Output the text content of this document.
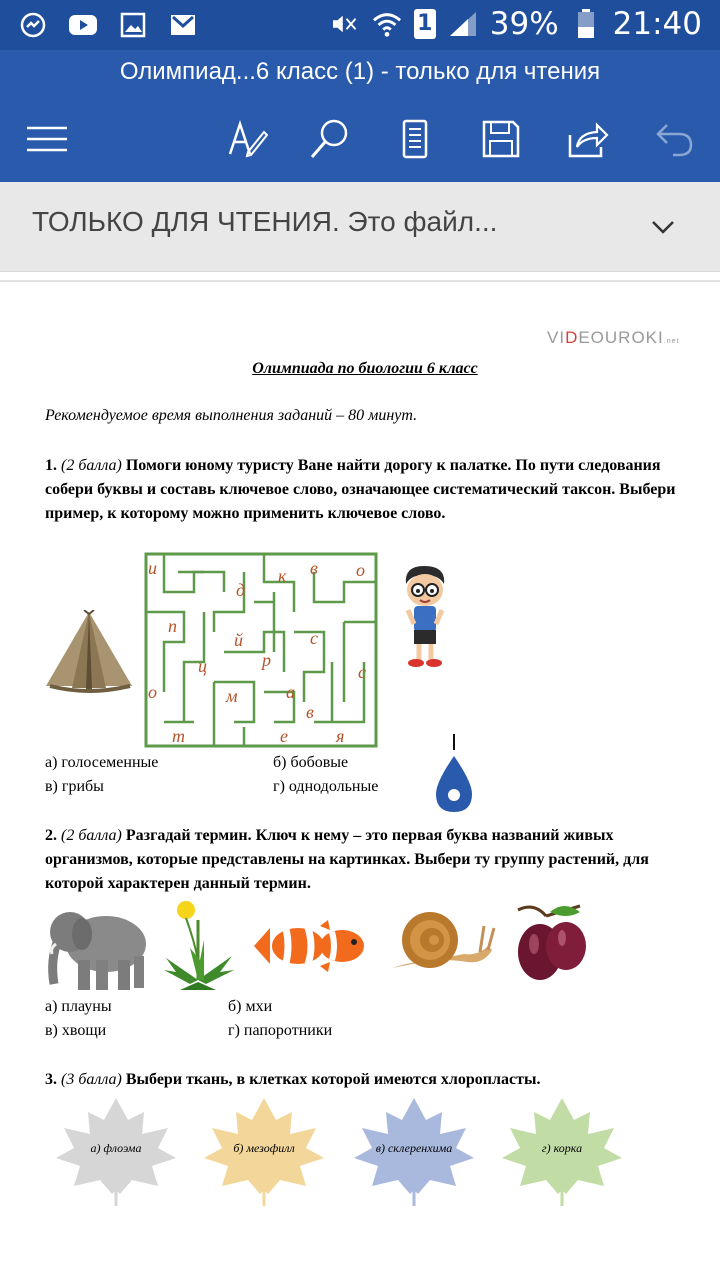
1 39% 21:40
Олимпиад...6 класс (1) - только для чтения
ТОЛЬКО ДЛЯ ЧТЕНИЯ. Это файл...
VIDEOUROKI.net
Олимпиада по биологии 6 класс
Рекомендуемое время выполнения заданий – 80 минут.
1. (2 балла) Помоги юному туристу Ване найти дорогу к палатке. По пути следования собери буквы и составь ключевое слово, означающее систематический таксон. Выбери пример, к которому можно применить ключевое слово.
и	к в о
д
п
й	с
р
ц	с
о	м	а
в
т	е	я
а) голосеменные	б) бобовые
в) грибы	г) однодольные
2. (2 балла) Разгадай термин. Ключ к нему – это первая буква названий живых организмов, которые представлены на картинках. Выбери ту группу растений, для которой характерен данный термин.
а) плауны	б) мхи
в) хвощи	г) папоротники
3. (3 балла) Выбери ткань, в клетках которой имеются хлоропласты.
а) флоэма	б) мезофилл	в) склеренхима	г) корка
